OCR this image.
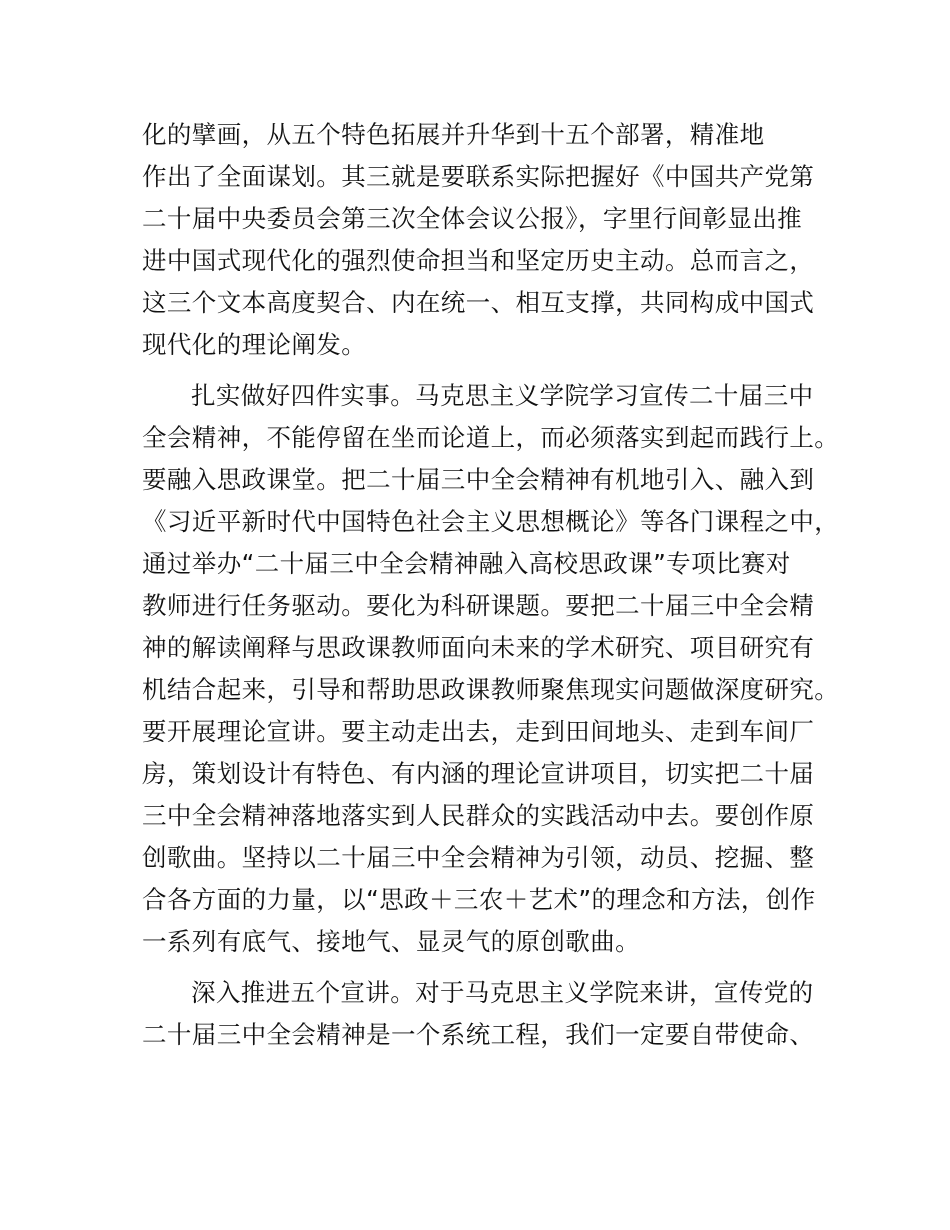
化的擘画，从五个特色拓展并升华到十五个部署，精准地
作出了全面谋划。其三就是要联系实际把握好《中国共产党第
二十届中央委员会第三次全体会议公报》，字里行间彰显出推
进中国式现代化的强烈使命担当和坚定历史主动。总而言之，
这三个文本高度契合、内在统一、相互支撑，共同构成中国式
现代化的理论阐发。
扎实做好四件实事。马克思主义学院学习宣传二十届三中
全会精神，不能停留在坐而论道上，而必须落实到起而践行上。
要融入思政课堂。把二十届三中全会精神有机地引入、融入到
《习近平新时代中国特色社会主义思想概论》等各门课程之中，
通过举办“二十届三中全会精神融入高校思政课”专项比赛对
教师进行任务驱动。要化为科研课题。要把二十届三中全会精
神的解读阐释与思政课教师面向未来的学术研究、项目研究有
机结合起来，引导和帮助思政课教师聚焦现实问题做深度研究。
要开展理论宣讲。要主动走出去，走到田间地头、走到车间厂
房，策划设计有特色、有内涵的理论宣讲项目，切实把二十届
三中全会精神落地落实到人民群众的实践活动中去。要创作原
创歌曲。坚持以二十届三中全会精神为引领，动员、挖掘、整
合各方面的力量，以“思政＋三农＋艺术”的理念和方法，创作
一系列有底气、接地气、显灵气的原创歌曲。
深入推进五个宣讲。对于马克思主义学院来讲，宣传党的
二十届三中全会精神是一个系统工程，我们一定要自带使命、
